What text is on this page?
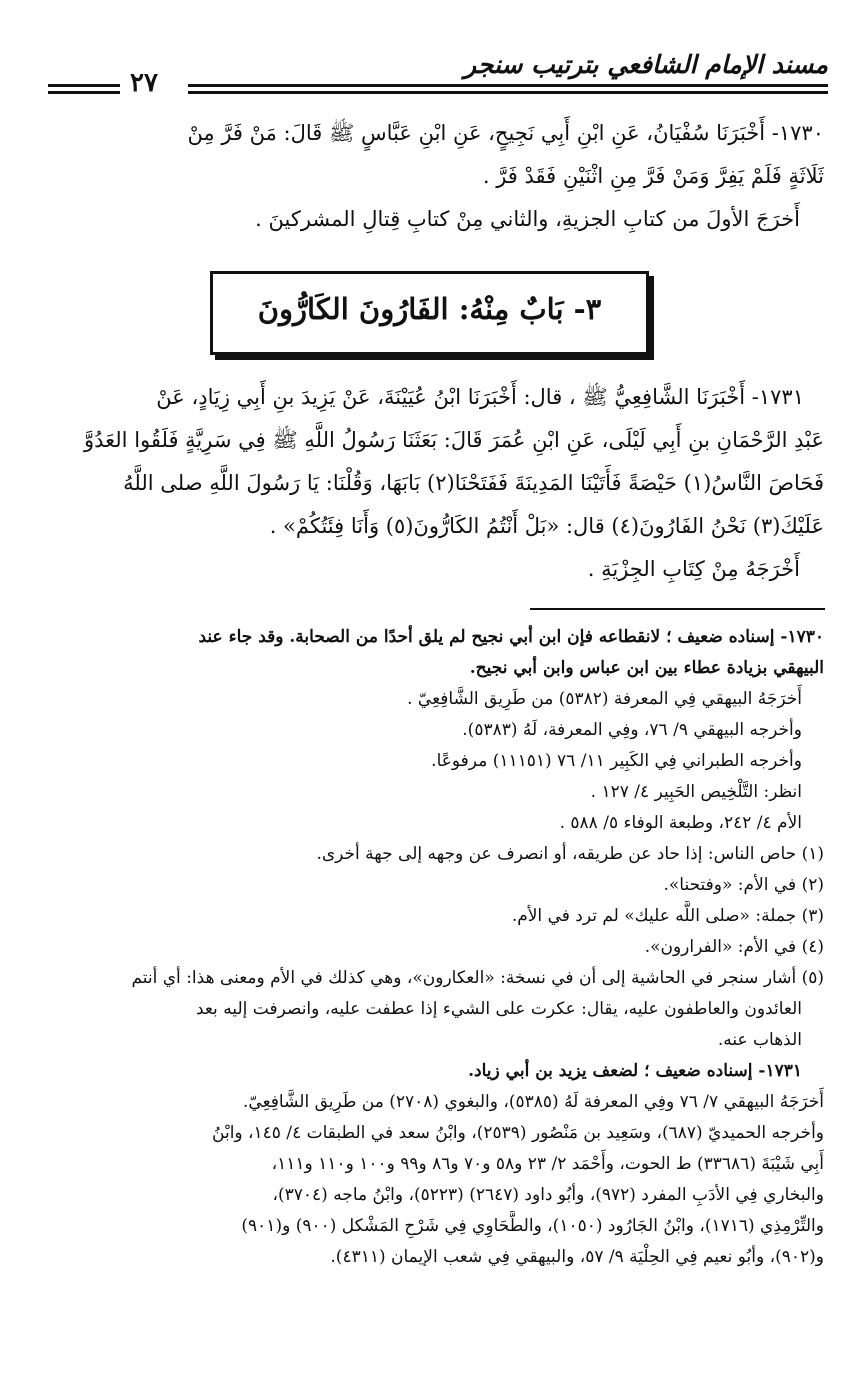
مسند الإمام الشافعي بترتيب سنجر
٢٧
١٧٣٠- أَخْبَرَنَا سُفْيَانُ، عَنِ ابْنِ أَبِي نَجِيحٍ، عَنِ ابْنِ عَبَّاسٍ ﷺ قَالَ: مَنْ فَرَّ مِنْ
ثَلَاثَةٍ فَلَمْ يَفِرَّ وَمَنْ فَرَّ مِنِ اثْنَيْنِ فَقَدْ فَرَّ .
أَخرَجَ الأولَ من كتابِ الجزيةِ، والثاني مِنْ كتابِ قِتالِ المشركينَ .
٣- بَابٌ مِنْهُ: الفَارُونَ الكَارُّونَ
١٧٣١- أَخْبَرَنَا الشَّافِعِيُّ ﷺ ، قال: أَخْبَرَنَا ابْنُ عُيَيْنَةَ، عَنْ يَزِيدَ بنِ أَبِي زِيَادٍ، عَنْ
عَبْدِ الرَّحْمَانِ بنِ أَبِي لَيْلَى، عَنِ ابْنِ عُمَرَ قَالَ: بَعَثَنَا رَسُولُ اللَّهِ ﷺ فِي سَرِيَّةٍ فَلَقُوا العَدُوَّ
فَحَاصَ النَّاسُ(١) حَيْصَةً فَأَتَيْنَا المَدِينَةَ فَفَتَحْنَا(٢) بَابَهَا، وَقُلْنَا: يَا رَسُولَ اللَّهِ صلى اللَّهُ
عَلَيْكَ(٣) نَحْنُ الفَارُونَ(٤) قال: «بَلْ أَنْتُمُ الكَارُّونَ(٥) وَأَنَا فِئَتُكُمْ» .
أَخْرَجَهُ مِنْ كِتَابِ الجِزْيَةِ .
١٧٣٠- إسناده ضعيف ؛ لانقطاعه فإن ابن أبي نجيح لم يلق أحدًا من الصحابة. وقد جاء عند
البيهقي بزيادة عطاء بين ابن عباس وابن أبي نجيح.
أَخرَجَهُ البيهقي فِي المعرفة (٥٣٨٢) من طَرِيق الشَّافِعِيّ .
وأخرجه البيهقي ٩/ ٧٦، وفِي المعرفة، لَهُ (٥٣٨٣).
وأخرجه الطبراني فِي الكَبِير ١١/ ٧٦ (١١١٥١) مرفوعًا.
انظر: التَّلْخِيص الحَبِير ٤/ ١٢٧ .
الأم ٤/ ٢٤٢، وطبعة الوفاء ٥/ ٥٨٨ .
(١) حاص الناس: إذا حاد عن طريقه، أو انصرف عن وجهه إلى جهة أخرى.
(٢) في الأم: «وفتحنا».
(٣) جملة: «صلى اللَّه عليك» لم ترد في الأم.
(٤) في الأم: «الفرارون».
(٥) أشار سنجر في الحاشية إلى أن في نسخة: «العكارون»، وهي كذلك في الأم ومعنى هذا: أي أنتم
العائدون والعاطفون عليه، يقال: عكرت على الشيء إذا عطفت عليه، وانصرفت إليه بعد
الذهاب عنه.
١٧٣١- إسناده ضعيف ؛ لضعف يزيد بن أبي زياد.
أَخرَجَهُ البيهقي ٧/ ٧٦ وفِي المعرفة لَهُ (٥٣٨٥)، والبغوي (٢٧٠٨) من طَرِيق الشَّافِعِيّ.
وأخرجه الحميديّ (٦٨٧)، وسَعِيد بن مَنْصُور (٢٥٣٩)، وابْنُ سعد في الطبقات ٤/ ١٤٥، وابْنُ
أَبِي شَيْبَةَ (٣٣٦٨٦) ط الحوت، وأَحْمَد ٢/ ٢٣ و٥٨ و٧٠ و٨٦ و٩٩ و١٠٠ و١١٠ و١١١،
والبخاري فِي الأدَبِ المفرد (٩٧٢)، وأبُو داود (٢٦٤٧) (٥٢٢٣)، وابْنُ ماجه (٣٧٠٤)،
والتِّرْمِذِي (١٧١٦)، وابْنُ الجَارُود (١٠٥٠)، والطَّحَاوِي فِي شَرْحِ المَشْكل (٩٠٠) و(٩٠١)
و(٩٠٢)، وأبُو نعيم فِي الحِلْيَة ٩/ ٥٧، والبيهقي فِي شعب الإيمان (٤٣١١).
